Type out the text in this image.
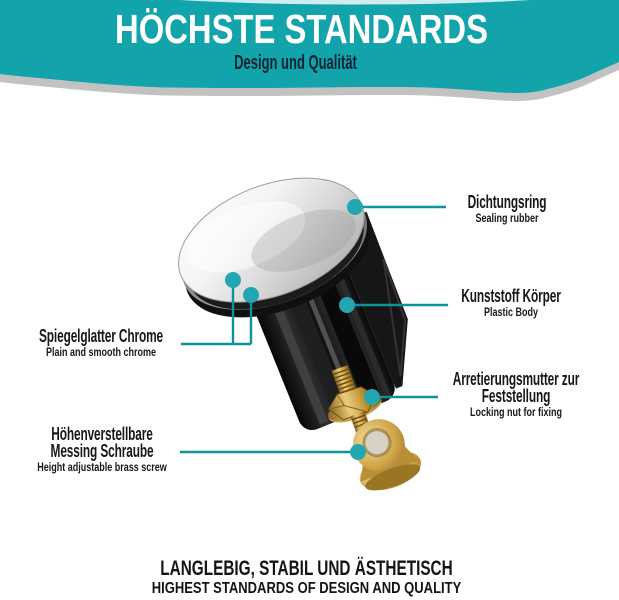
HÖCHSTE STANDARDS
Design und Qualität
Dichtungsring
Sealing rubber
Kunststoff Körper
Plastic Body
Arretierungsmutter zur
Feststellung
Locking nut for fixing
Spiegelglatter Chrome
Plain and smooth chrome
Höhenverstellbare
Messing Schraube
Height adjustable brass screw
LANGLEBIG, STABIL UND ÄSTHETISCH
HIGHEST STANDARDS OF DESIGN AND QUALITY
